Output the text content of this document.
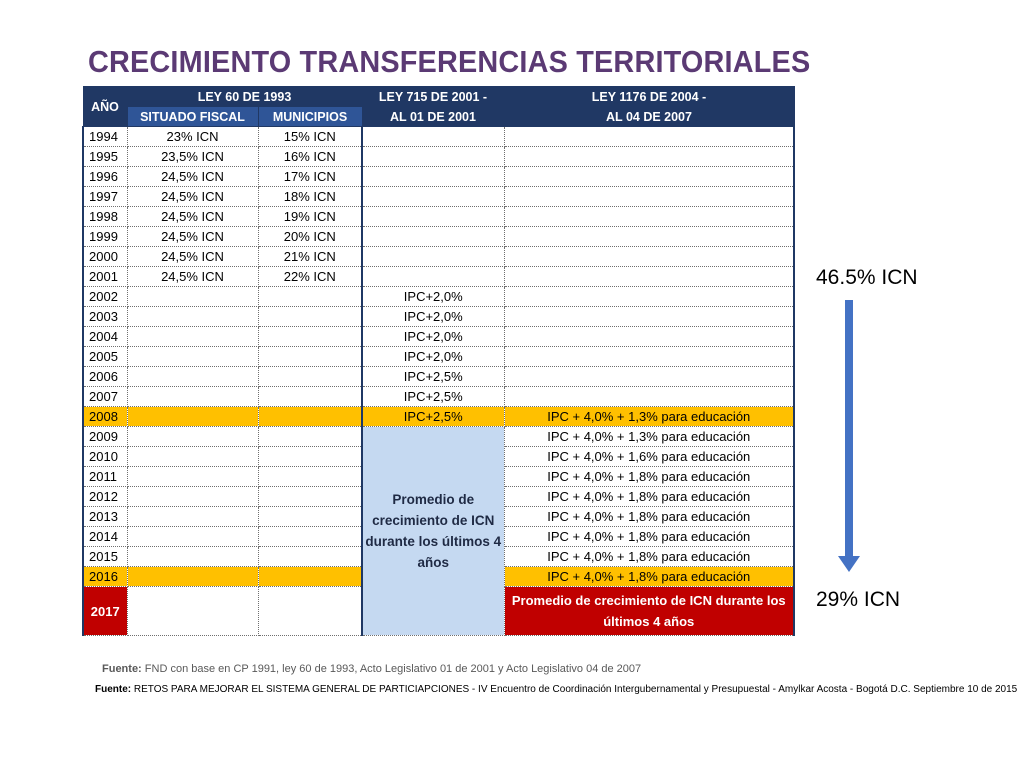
CRECIMIENTO TRANSFERENCIAS TERRITORIALES
AÑO	LEY 60 DE 1993		LEY 715 DE 2001 -	LEY 1176 DE 2004 -
	SITUADO FISCAL	MUNICIPIOS	AL 01 DE 2001	AL 04 DE 2007
1994	23% ICN	15% ICN		
1995	23,5% ICN	16% ICN		
1996	24,5% ICN	17% ICN		
1997	24,5% ICN	18% ICN		
1998	24,5% ICN	19% ICN		
1999	24,5% ICN	20% ICN		
2000	24,5% ICN	21% ICN		
2001	24,5% ICN	22% ICN		
2002			IPC+2,0%	
2003			IPC+2,0%	
2004			IPC+2,0%	
2005			IPC+2,0%	
2006			IPC+2,5%	
2007			IPC+2,5%	
2008			IPC+2,5%	IPC + 4,0% + 1,3% para educación
2009			Promedio de crecimiento de ICN durante los últimos 4 años	IPC + 4,0% + 1,3% para educación
2010				IPC + 4,0% + 1,6% para educación
2011				IPC + 4,0% + 1,8% para educación
2012				IPC + 4,0% + 1,8% para educación
2013				IPC + 4,0% + 1,8% para educación
2014				IPC + 4,0% + 1,8% para educación
2015				IPC + 4,0% + 1,8% para educación
2016				IPC + 4,0% + 1,8% para educación
2017				Promedio de crecimiento de ICN durante los últimos 4 años
46.5% ICN
29% ICN
Fuente: FND con base en CP 1991, ley 60 de 1993, Acto Legislativo 01 de 2001 y Acto Legislativo 04 de 2007
Fuente: RETOS PARA MEJORAR EL SISTEMA GENERAL DE PARTICIAPCIONES - IV Encuentro de Coordinación Intergubernamental y Presupuestal - Amylkar Acosta - Bogotá D.C. Septiembre 10 de 2015
